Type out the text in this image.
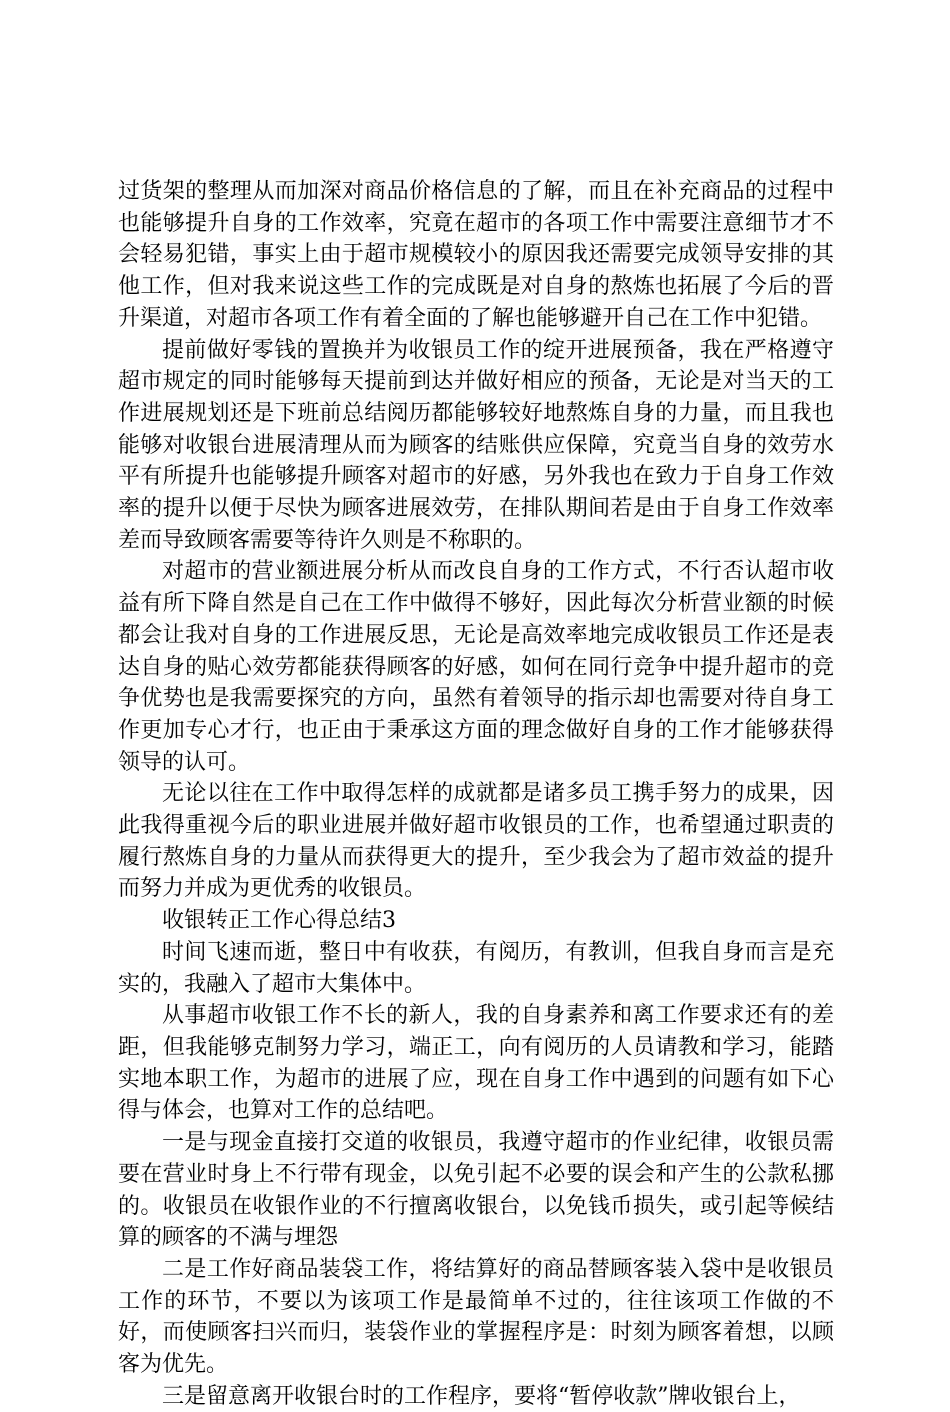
过货架的整理从而加深对商品价格信息的了解，而且在补充商品的过程中也能够提升自身的工作效率，究竟在超市的各项工作中需要注意细节才不会轻易犯错，事实上由于超市规模较小的原因我还需要完成领导安排的其他工作，但对我来说这些工作的完成既是对自身的熬炼也拓展了今后的晋升渠道，对超市各项工作有着全面的了解也能够避开自己在工作中犯错。

提前做好零钱的置换并为收银员工作的绽开进展预备，我在严格遵守超市规定的同时能够每天提前到达并做好相应的预备，无论是对当天的工作进展规划还是下班前总结阅历都能够较好地熬炼自身的力量，而且我也能够对收银台进展清理从而为顾客的结账供应保障，究竟当自身的效劳水平有所提升也能够提升顾客对超市的好感，另外我也在致力于自身工作效率的提升以便于尽快为顾客进展效劳，在排队期间若是由于自身工作效率差而导致顾客需要等待许久则是不称职的。

对超市的营业额进展分析从而改良自身的工作方式，不行否认超市收益有所下降自然是自己在工作中做得不够好，因此每次分析营业额的时候都会让我对自身的工作进展反思，无论是高效率地完成收银员工作还是表达自身的贴心效劳都能获得顾客的好感，如何在同行竞争中提升超市的竞争优势也是我需要探究的方向，虽然有着领导的指示却也需要对待自身工作更加专心才行，也正由于秉承这方面的理念做好自身的工作才能够获得领导的认可。

无论以往在工作中取得怎样的成就都是诸多员工携手努力的成果，因此我得重视今后的职业进展并做好超市收银员的工作，也希望通过职责的履行熬炼自身的力量从而获得更大的提升，至少我会为了超市效益的提升而努力并成为更优秀的收银员。

收银转正工作心得总结3

时间飞速而逝，整日中有收获，有阅历，有教训，但我自身而言是充实的，我融入了超市大集体中。

从事超市收银工作不长的新人，我的自身素养和离工作要求还有的差距，但我能够克制努力学习，端正工，向有阅历的人员请教和学习，能踏实地本职工作，为超市的进展了应，现在自身工作中遇到的问题有如下心得与体会，也算对工作的总结吧。

一是与现金直接打交道的收银员，我遵守超市的作业纪律，收银员需要在营业时身上不行带有现金，以免引起不必要的误会和产生的公款私挪的。收银员在收银作业的不行擅离收银台，以免钱币损失，或引起等候结算的顾客的不满与埋怨

二是工作好商品装袋工作，将结算好的商品替顾客装入袋中是收银员工作的环节，不要以为该项工作是最简单不过的，往往该项工作做的不好，而使顾客扫兴而归，装袋作业的掌握程序是：时刻为顾客着想，以顾客为优先。

三是留意离开收银台时的工作程序，要将“暂停收款”牌收银台上，
